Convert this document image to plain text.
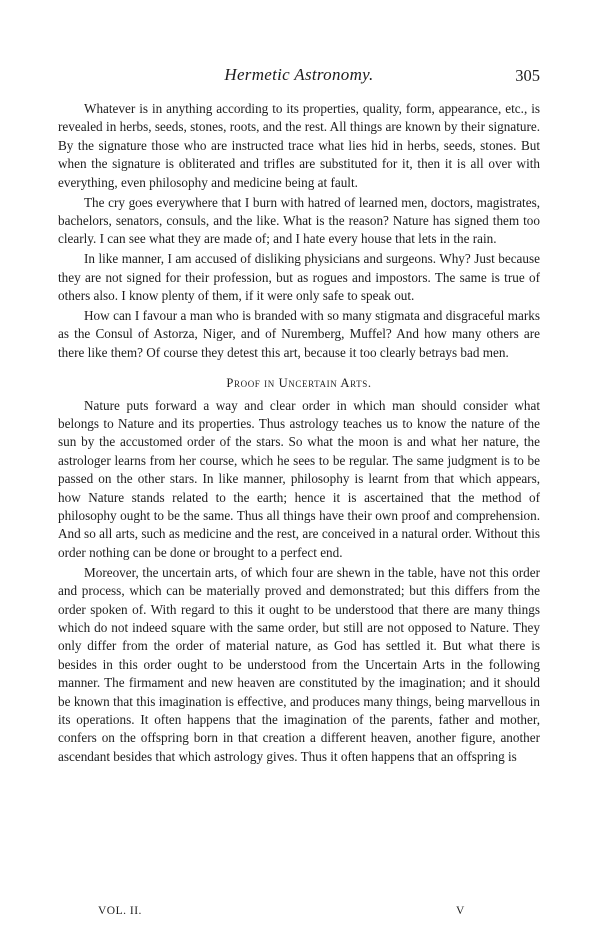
Hermetic Astronomy.	305

Whatever is in anything according to its properties, quality, form, appearance, etc., is revealed in herbs, seeds, stones, roots, and the rest. All things are known by their signature. By the signature those who are instructed trace what lies hid in herbs, seeds, stones. But when the signature is obliterated and trifles are substituted for it, then it is all over with everything, even philosophy and medicine being at fault.

The cry goes everywhere that I burn with hatred of learned men, doctors, magistrates, bachelors, senators, consuls, and the like. What is the reason? Nature has signed them too clearly. I can see what they are made of; and I hate every house that lets in the rain.

In like manner, I am accused of disliking physicians and surgeons. Why? Just because they are not signed for their profession, but as rogues and impostors. The same is true of others also. I know plenty of them, if it were only safe to speak out.

How can I favour a man who is branded with so many stigmata and disgraceful marks as the Consul of Astorza, Niger, and of Nuremberg, Muffel? And how many others are there like them? Of course they detest this art, because it too clearly betrays bad men.

Proof in Uncertain Arts.

Nature puts forward a way and clear order in which man should consider what belongs to Nature and its properties. Thus astrology teaches us to know the nature of the sun by the accustomed order of the stars. So what the moon is and what her nature, the astrologer learns from her course, which he sees to be regular. The same judgment is to be passed on the other stars. In like manner, philosophy is learnt from that which appears, how Nature stands related to the earth; hence it is ascertained that the method of philosophy ought to be the same. Thus all things have their own proof and comprehension. And so all arts, such as medicine and the rest, are conceived in a natural order. Without this order nothing can be done or brought to a perfect end.

Moreover, the uncertain arts, of which four are shewn in the table, have not this order and process, which can be materially proved and demonstrated; but this differs from the order spoken of. With regard to this it ought to be understood that there are many things which do not indeed square with the same order, but still are not opposed to Nature. They only differ from the order of material nature, as God has settled it. But what there is besides in this order ought to be understood from the Uncertain Arts in the following manner. The firmament and new heaven are constituted by the imagination; and it should be known that this imagination is effective, and produces many things, being marvellous in its operations. It often happens that the imagination of the parents, father and mother, confers on the offspring born in that creation a different heaven, another figure, another ascendant besides that which astrology gives. Thus it often happens that an offspring is

VOL. II.	V
